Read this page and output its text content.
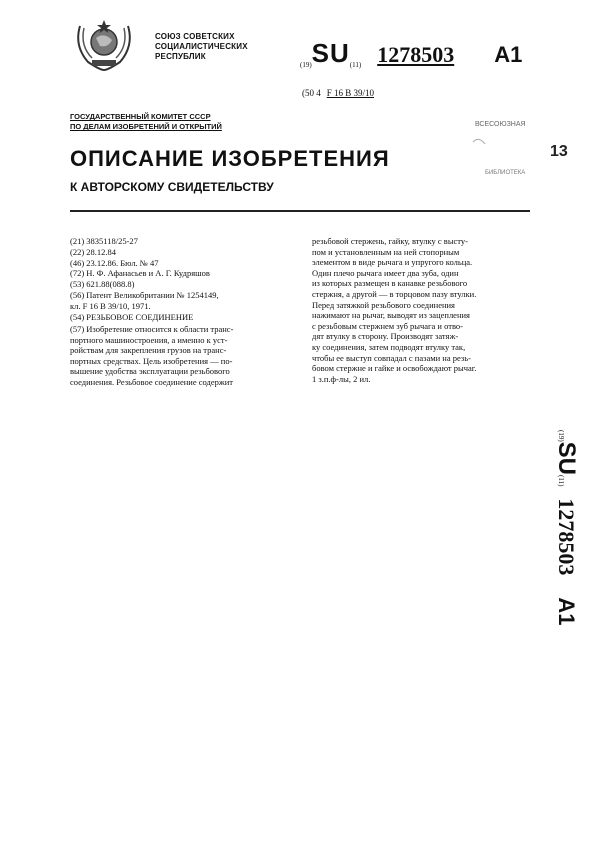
СОЮЗ СОВЕТСКИХ
СОЦИАЛИСТИЧЕСКИХ
РЕСПУБЛИК
(19)SU(11) 1278503 A1
(50 4 F 16 B 39/10
ГОСУДАРСТВЕННЫЙ КОМИТЕТ СССР
ПО ДЕЛАМ ИЗОБРЕТЕНИЙ И ОТКРЫТИЙ	ВСЕСОЮЗНАЯ
13
БИБЛИОТЕКА
ОПИСАНИЕ ИЗОБРЕТЕНИЯ
К АВТОРСКОМУ СВИДЕТЕЛЬСТВУ
(21) 3835118/25-27
(22) 28.12.84
(46) 23.12.86. Бюл. № 47
(72) Н. Ф. Афанасьев и А. Г. Кудряшов
(53) 621.88(088.8)
(56) Патент Великобритании № 1254149,
кл. F 16 B 39/10, 1971.
(54) РЕЗЬБОВОЕ СОЕДИНЕНИЕ
(57) Изобретение относится к области транс-
портного машиностроения, а именно к уст-
ройствам для закрепления грузов на транс-
портных средствах. Цель изобретения — по-
вышение удобства эксплуатации резьбового
соединения. Резьбовое соединение содержит
резьбовой стержень, гайку, втулку с высту-
пом и установленным на ней стопорным
элементом в виде рычага и упругого кольца.
Один плечо рычага имеет два зуба, один
из которых размещен в канавке резьбового
стержня, а другой — в торцовом пазу втулки.
Перед затяжкой резьбового соединения
нажимают на рычаг, выводят из зацепления
с резьбовым стержнем зуб рычага и отво-
дят втулку в сторону. Производят затяж-
ку соединения, затем подводят втулку так,
чтобы ее выступ совпадал с пазами на резь-
бовом стержне и гайке и освобождают рычаг.
1 з.п.ф-лы, 2 ил.
(19)SU(11)1278503A1
